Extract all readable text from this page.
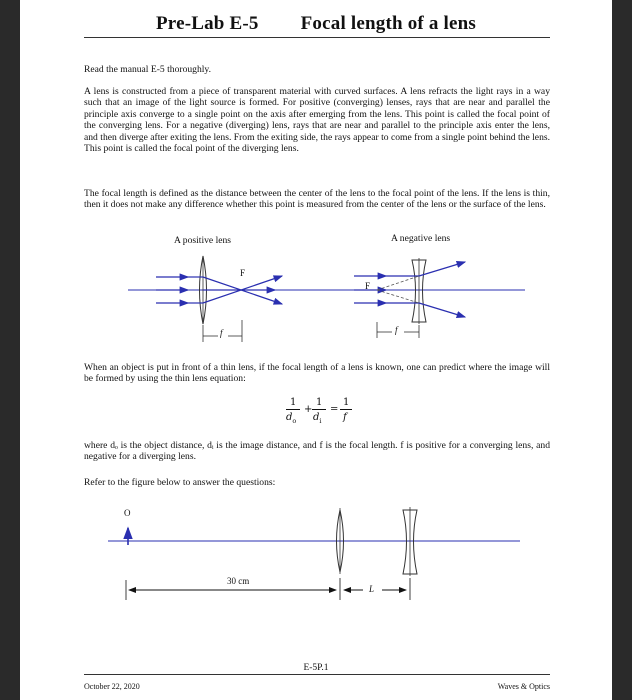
Pre-Lab E-5 Focal length of a lens
Read the manual E-5 thoroughly.
A lens is constructed from a piece of transparent material with curved surfaces. A lens refracts the light rays in a way such that an image of the light source is formed. For positive (converging) lenses, rays that are near and parallel the principle axis converge to a single point on the axis after emerging from the lens. This point is called the focal point of the converging lens. For a negative (diverging) lens, rays that are near and parallel to the principle axis enter the lens, and then diverge after exiting the lens. From the exiting side, the rays appear to come from a single point behind the lens. This point is called the focal point of the diverging lens.
The focal length is defined as the distance between the center of the lens to the focal point of the lens. If the lens is thin, then it does not make any difference whether this point is measured from the center of the lens or the surface of the lens.
A positive lens	A negative lens
F
f
F
f
When an object is put in front of a thin lens, if the focal length of a lens is known, one can predict where the image will be formed by using the thin lens equation:
1
$d_o$
+
1
$d_i$
=
1
f
where dₒ is the object distance, dᵢ is the image distance, and f is the focal length. f is positive for a converging lens, and negative for a diverging lens.
Refer to the figure below to answer the questions:
O
30 cm
L
E-5P.1
October 22, 2020	Waves & Optics
